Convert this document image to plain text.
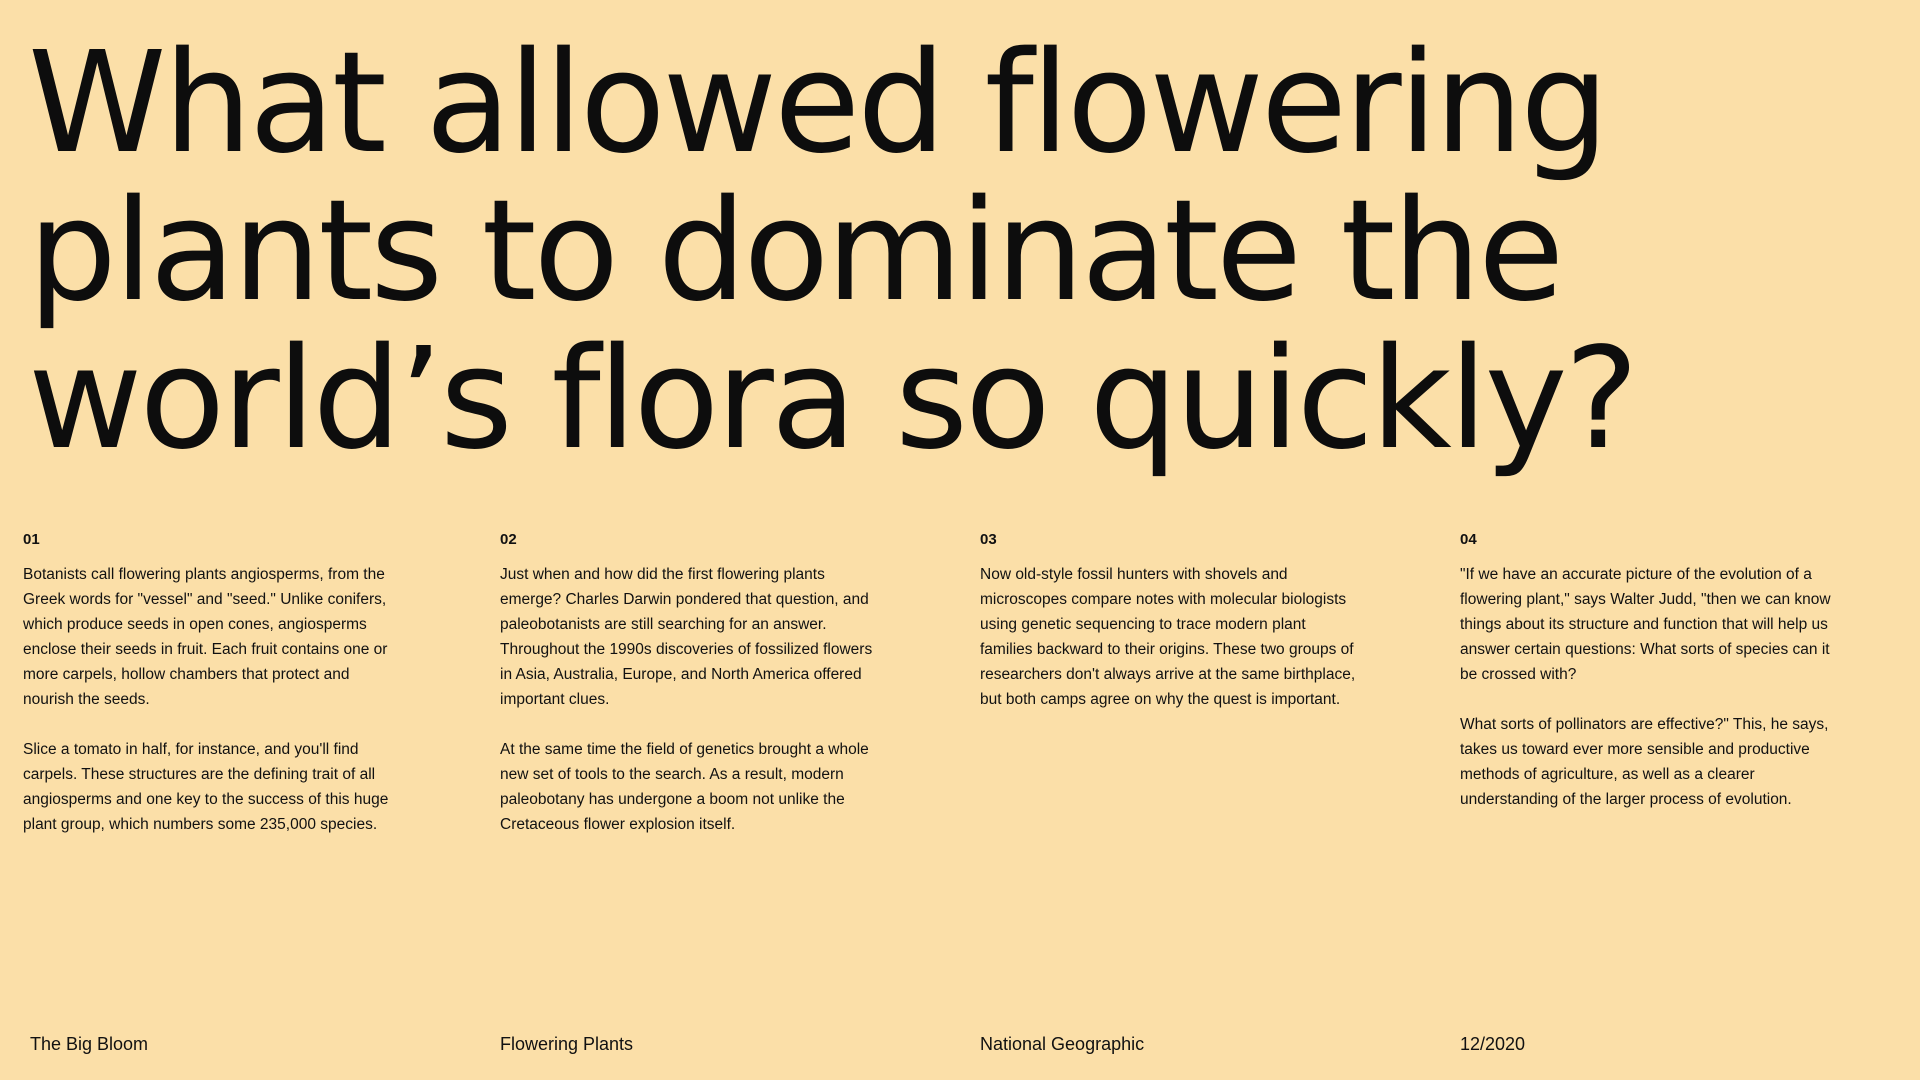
What allowed flowering
plants to dominate the
world’s flora so quickly?
01

Botanists call flowering plants angiosperms, from the Greek words for "vessel" and "seed." Unlike conifers, which produce seeds in open cones, angiosperms enclose their seeds in fruit. Each fruit contains one or more carpels, hollow chambers that protect and nourish the seeds.

Slice a tomato in half, for instance, and you'll find carpels. These structures are the defining trait of all angiosperms and one key to the success of this huge plant group, which numbers some 235,000 species.

02

Just when and how did the first flowering plants emerge? Charles Darwin pondered that question, and paleobotanists are still searching for an answer. Throughout the 1990s discoveries of fossilized flowers in Asia, Australia, Europe, and North America offered important clues.

At the same time the field of genetics brought a whole new set of tools to the search. As a result, modern paleobotany has undergone a boom not unlike the Cretaceous flower explosion itself.

03

Now old-style fossil hunters with shovels and microscopes compare notes with molecular biologists using genetic sequencing to trace modern plant families backward to their origins. These two groups of researchers don't always arrive at the same birthplace, but both camps agree on why the quest is important.

04

"If we have an accurate picture of the evolution of a flowering plant," says Walter Judd, "then we can know things about its structure and function that will help us answer certain questions: What sorts of species can it be crossed with?

What sorts of pollinators are effective?" This, he says, takes us toward ever more sensible and productive methods of agriculture, as well as a clearer understanding of the larger process of evolution.

The Big Bloom	Flowering Plants	National Geographic	12/2020
